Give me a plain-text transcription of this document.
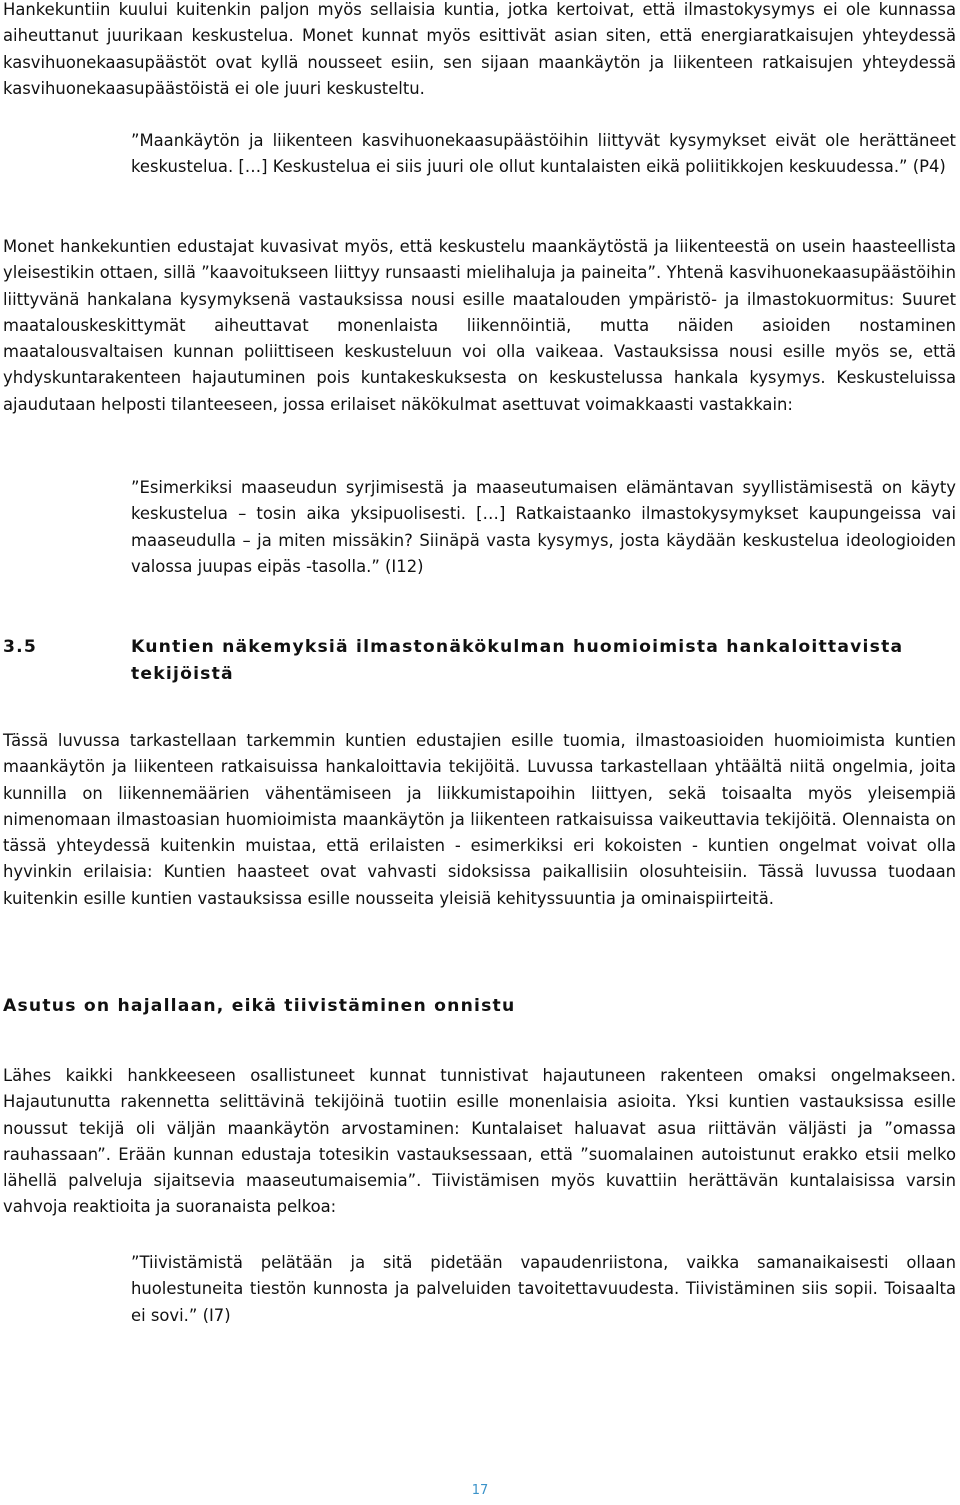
Hankekuntiin kuului kuitenkin paljon myös sellaisia kuntia, jotka kertoivat, että ilmastokysymys ei ole kunnassa aiheuttanut juurikaan keskustelua. Monet kunnat myös esittivät asian siten, että energiaratkaisujen yhteydessä kasvihuonekaasupäästöt ovat kyllä nousseet esiin, sen sijaan maankäytön ja liikenteen ratkaisujen yhteydessä kasvihuonekaasupäästöistä ei ole juuri keskusteltu.

”Maankäytön ja liikenteen kasvihuonekaasupäästöihin liittyvät kysymykset eivät ole herättäneet keskustelua. […] Keskustelua ei siis juuri ole ollut kuntalaisten eikä poliitikkojen keskuudessa.” (P4)

Monet hankekuntien edustajat kuvasivat myös, että keskustelu maankäytöstä ja liikenteestä on usein haasteellista yleisestikin ottaen, sillä ”kaavoitukseen liittyy runsaasti mielihaluja ja paineita”. Yhtenä kasvihuonekaasupäästöihin liittyvänä hankalana kysymyksenä vastauksissa nousi esille maatalouden ympäristö- ja ilmastokuormitus: Suuret maatalouskeskittymät aiheuttavat monenlaista liikennöintiä, mutta näiden asioiden nostaminen maatalousvaltaisen kunnan poliittiseen keskusteluun voi olla vaikeaa. Vastauksissa nousi esille myös se, että yhdyskuntarakenteen hajautuminen pois kuntakeskuksesta on keskustelussa hankala kysymys. Keskusteluissa ajaudutaan helposti tilanteeseen, jossa erilaiset näkökulmat asettuvat voimakkaasti vastakkain:

”Esimerkiksi maaseudun syrjimisestä ja maaseutumaisen elämäntavan syyllistämisestä on käyty keskustelua – tosin aika yksipuolisesti. […] Ratkaistaanko ilmastokysymykset kaupungeissa vai maaseudulla – ja miten missäkin? Siinäpä vasta kysymys, josta käydään keskustelua ideologioiden valossa juupas eipäs -tasolla.” (I12)

3.5	Kuntien näkemyksiä ilmastonäkökulman huomioimista hankaloittavista tekijöistä

Tässä luvussa tarkastellaan tarkemmin kuntien edustajien esille tuomia, ilmastoasioiden huomioimista kuntien maankäytön ja liikenteen ratkaisuissa hankaloittavia tekijöitä. Luvussa tarkastellaan yhtäältä niitä ongelmia, joita kunnilla on liikennemäärien vähentämiseen ja liikkumistapoihin liittyen, sekä toisaalta myös yleisempiä nimenomaan ilmastoasian huomioimista maankäytön ja liikenteen ratkaisuissa vaikeuttavia tekijöitä. Olennaista on tässä yhteydessä kuitenkin muistaa, että erilaisten - esimerkiksi eri kokoisten - kuntien ongelmat voivat olla hyvinkin erilaisia: Kuntien haasteet ovat vahvasti sidoksissa paikallisiin olosuhteisiin. Tässä luvussa tuodaan kuitenkin esille kuntien vastauksissa esille nousseita yleisiä kehityssuuntia ja ominaispiirteitä.

Asutus on hajallaan, eikä tiivistäminen onnistu

Lähes kaikki hankkeeseen osallistuneet kunnat tunnistivat hajautuneen rakenteen omaksi ongelmakseen. Hajautunutta rakennetta selittävinä tekijöinä tuotiin esille monenlaisia asioita. Yksi kuntien vastauksissa esille noussut tekijä oli väljän maankäytön arvostaminen: Kuntalaiset haluavat asua riittävän väljästi ja ”omassa rauhassaan”. Erään kunnan edustaja totesikin vastauksessaan, että ”suomalainen autoistunut erakko etsii melko lähellä palveluja sijaitsevia maaseutumaisemia”. Tiivistämisen myös kuvattiin herättävän kuntalaisissa varsin vahvoja reaktioita ja suoranaista pelkoa:

”Tiivistämistä pelätään ja sitä pidetään vapaudenriistona, vaikka samanaikaisesti ollaan huolestuneita tiestön kunnosta ja palveluiden tavoitettavuudesta. Tiivistäminen siis sopii. Toisaalta ei sovi.” (I7)

17
